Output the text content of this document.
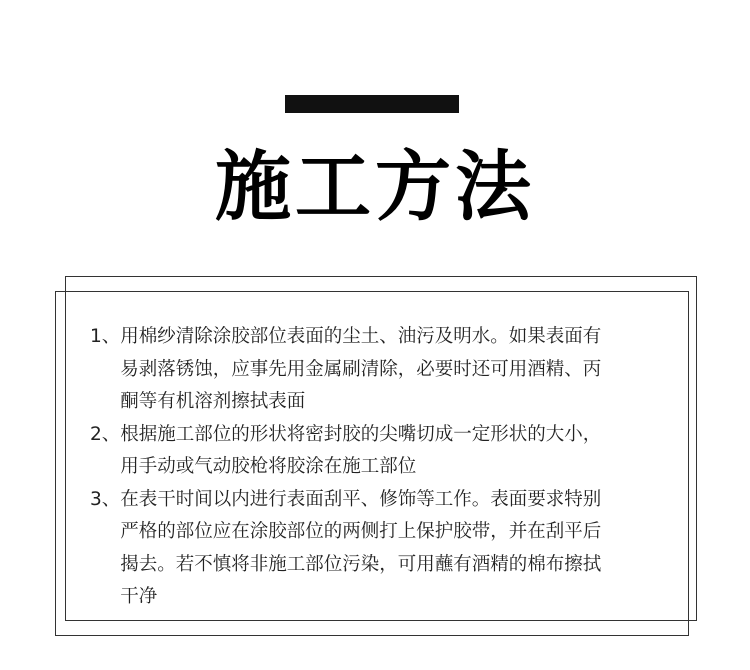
施工方法
1、 用棉纱清除涂胶部位表面的尘土、油污及明水。如果表面有
易剥落锈蚀，应事先用金属刷清除，必要时还可用酒精、丙
酮等有机溶剂擦拭表面
2、 根据施工部位的形状将密封胶的尖嘴切成一定形状的大小，
用手动或气动胶枪将胶涂在施工部位
3、 在表干时间以内进行表面刮平、修饰等工作。表面要求特别
严格的部位应在涂胶部位的两侧打上保护胶带，并在刮平后
揭去。若不慎将非施工部位污染，可用蘸有酒精的棉布擦拭
干净
